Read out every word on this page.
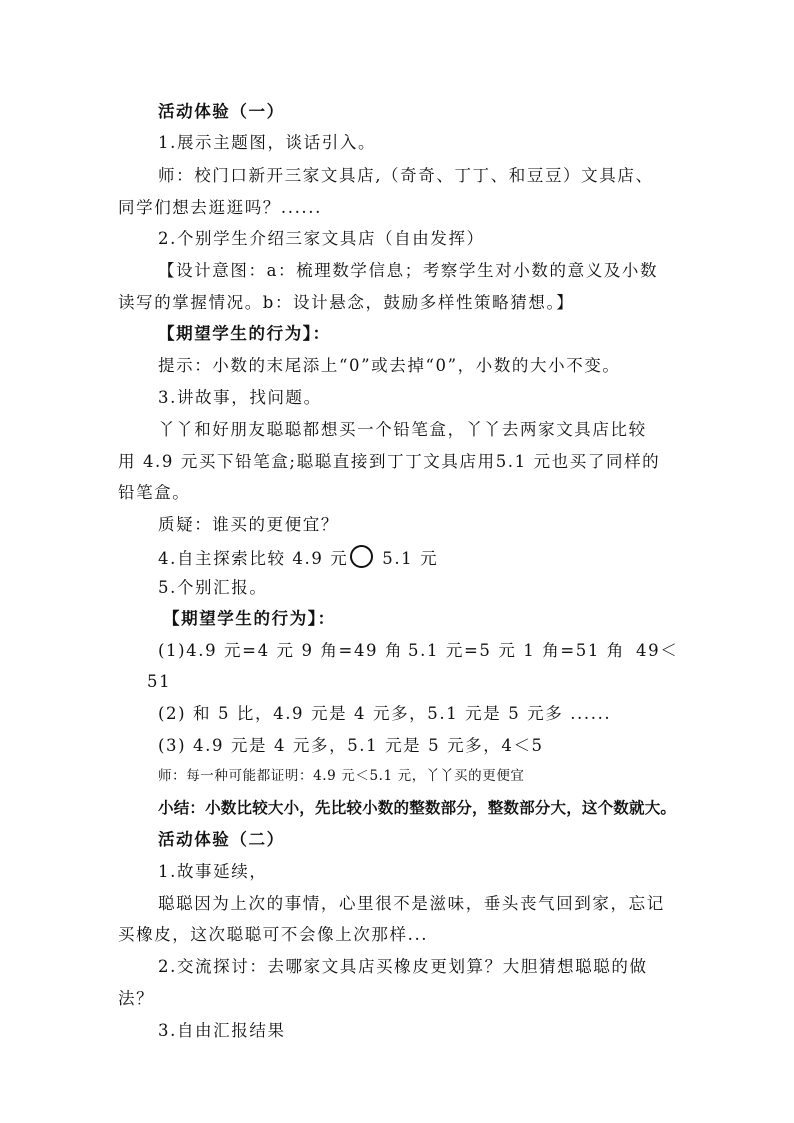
活动体验（一）
1.展示主题图，谈话引入。
师：校门口新开三家文具店,（奇奇、丁丁、和豆豆）文具店、
同学们想去逛逛吗？......
2.个别学生介绍三家文具店（自由发挥）
【设计意图：a：梳理数学信息；考察学生对小数的意义及小数
读写的掌握情况。b：设计悬念，鼓励多样性策略猜想。】
【期望学生的行为】：
提示：小数的末尾添上“0”或去掉“0”，小数的大小不变。
3.讲故事，找问题。
丫丫和好朋友聪聪都想买一个铅笔盒，丫丫去两家文具店比较
用 4.9 元买下铅笔盒;聪聪直接到丁丁文具店用5.1 元也买了同样的
铅笔盒。
质疑：谁买的更便宜？
4.自主探索比较 4.9 元 5.1 元
5.个别汇报。
【期望学生的行为】：
(1)4.9 元=4 元 9 角=49 角 5.1 元=5 元 1 角=51 角 49＜
51
(2) 和 5 比，4.9 元是 4 元多，5.1 元是 5 元多 ......
(3) 4.9 元是 4 元多，5.1 元是 5 元多，4＜5
师：每一种可能都证明：4.9 元＜5.1 元，丫丫买的更便宜
小结：小数比较大小，先比较小数的整数部分，整数部分大，这个数就大。
活动体验（二）
1.故事延续，
聪聪因为上次的事情，心里很不是滋味，垂头丧气回到家，忘记
买橡皮，这次聪聪可不会像上次那样...
2.交流探讨：去哪家文具店买橡皮更划算？大胆猜想聪聪的做
法？
3.自由汇报结果
